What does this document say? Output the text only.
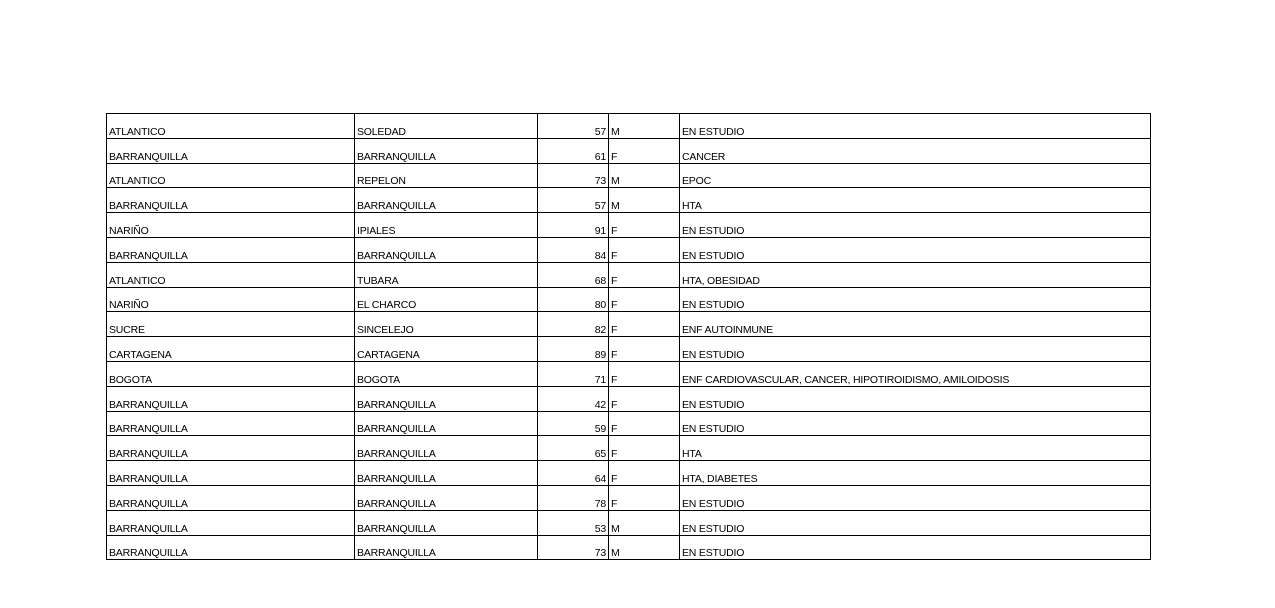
ATLANTICO	SOLEDAD	57	M	EN ESTUDIO
BARRANQUILLA	BARRANQUILLA	61	F	CANCER
ATLANTICO	REPELON	73	M	EPOC
BARRANQUILLA	BARRANQUILLA	57	M	HTA
NARIÑO	IPIALES	91	F	EN ESTUDIO
BARRANQUILLA	BARRANQUILLA	84	F	EN ESTUDIO
ATLANTICO	TUBARA	68	F	HTA, OBESIDAD
NARIÑO	EL CHARCO	80	F	EN ESTUDIO
SUCRE	SINCELEJO	82	F	ENF AUTOINMUNE
CARTAGENA	CARTAGENA	89	F	EN ESTUDIO
BOGOTA	BOGOTA	71	F	ENF CARDIOVASCULAR, CANCER, HIPOTIROIDISMO, AMILOIDOSIS
BARRANQUILLA	BARRANQUILLA	42	F	EN ESTUDIO
BARRANQUILLA	BARRANQUILLA	59	F	EN ESTUDIO
BARRANQUILLA	BARRANQUILLA	65	F	HTA
BARRANQUILLA	BARRANQUILLA	64	F	HTA, DIABETES
BARRANQUILLA	BARRANQUILLA	78	F	EN ESTUDIO
BARRANQUILLA	BARRANQUILLA	53	M	EN ESTUDIO
BARRANQUILLA	BARRANQUILLA	73	M	EN ESTUDIO
